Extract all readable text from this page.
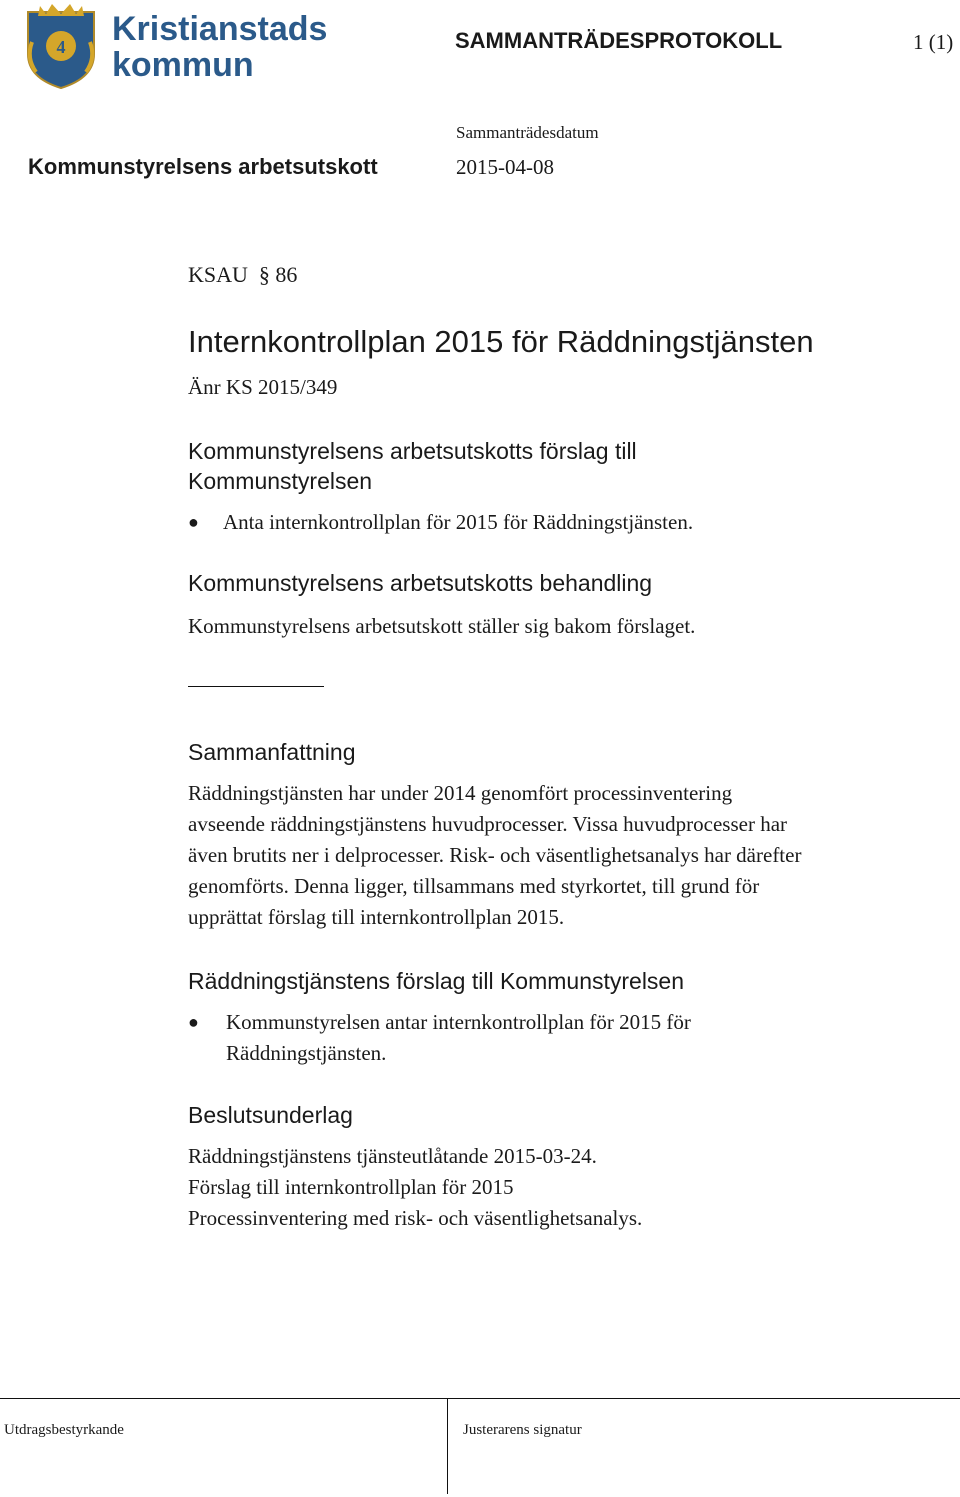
4 Kristianstads
kommun
SAMMANTRÄDESPROTOKOLL	1 (1)
Sammanträdesdatum
Kommunstyrelsens arbetsutskott	2015-04-08
KSAU  § 86
Internkontrollplan 2015 för Räddningstjänsten
Änr KS 2015/349
Kommunstyrelsens arbetsutskotts förslag till
Kommunstyrelsen
● Anta internkontrollplan för 2015 för Räddningstjänsten.
Kommunstyrelsens arbetsutskotts behandling
Kommunstyrelsens arbetsutskott ställer sig bakom förslaget.
Sammanfattning
Räddningstjänsten har under 2014 genomfört processinventering
avseende räddningstjänstens huvudprocesser. Vissa huvudprocesser har
även brutits ner i delprocesser. Risk- och väsentlighetsanalys har därefter
genomförts. Denna ligger, tillsammans med styrkortet, till grund för
upprättat förslag till internkontrollplan 2015.
Räddningstjänstens förslag till Kommunstyrelsen
● Kommunstyrelsen antar internkontrollplan för 2015 för
Räddningstjänsten.
Beslutsunderlag
Räddningstjänstens tjänsteutlåtande 2015-03-24.
Förslag till internkontrollplan för 2015
Processinventering med risk- och väsentlighetsanalys.
Utdragsbestyrkande	Justerarens signatur
